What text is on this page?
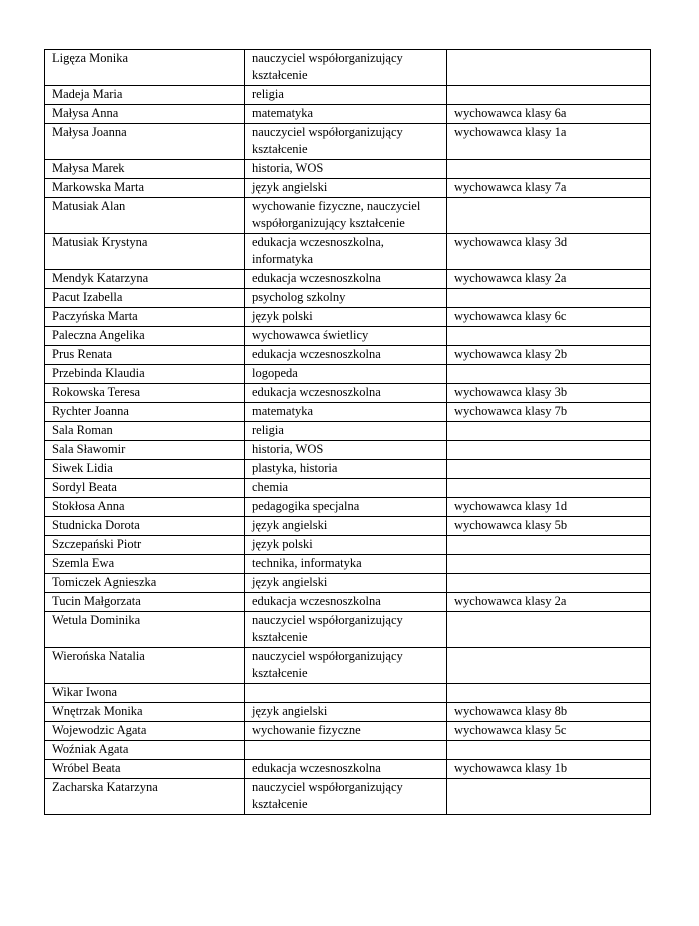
Ligęza Monika	nauczyciel współorganizujący kształcenie	
Madeja Maria	religia	
Małysa Anna	matematyka	wychowawca klasy 6a
Małysa Joanna	nauczyciel współorganizujący kształcenie	wychowawca klasy 1a
Małysa Marek	historia, WOS	
Markowska Marta	język angielski	wychowawca klasy 7a
Matusiak Alan	wychowanie fizyczne, nauczyciel współorganizujący kształcenie	
Matusiak Krystyna	edukacja wczesnoszkolna, informatyka	wychowawca klasy 3d
Mendyk Katarzyna	edukacja wczesnoszkolna	wychowawca klasy 2a
Pacut Izabella	psycholog szkolny	
Paczyńska Marta	język polski	wychowawca klasy 6c
Paleczna Angelika	wychowawca świetlicy	
Prus Renata	edukacja wczesnoszkolna	wychowawca klasy 2b
Przebinda Klaudia	logopeda	
Rokowska Teresa	edukacja wczesnoszkolna	wychowawca klasy 3b
Rychter Joanna	matematyka	wychowawca klasy 7b
Sala Roman	religia	
Sala Sławomir	historia, WOS	
Siwek Lidia	plastyka, historia	
Sordyl Beata	chemia	
Stokłosa Anna	pedagogika specjalna	wychowawca klasy 1d
Studnicka Dorota	język angielski	wychowawca klasy 5b
Szczepański Piotr	język polski	
Szemla Ewa	technika, informatyka	
Tomiczek Agnieszka	język angielski	
Tucin Małgorzata	edukacja wczesnoszkolna	wychowawca klasy 2a
Wetula Dominika	nauczyciel współorganizujący kształcenie	
Wierońska Natalia	nauczyciel współorganizujący kształcenie	
Wikar Iwona		
Wnętrzak Monika	język angielski	wychowawca klasy 8b
Wojewodzic Agata	wychowanie fizyczne	wychowawca klasy 5c
Woźniak Agata		
Wróbel Beata	edukacja wczesnoszkolna	wychowawca klasy 1b
Zacharska Katarzyna	nauczyciel współorganizujący kształcenie	
